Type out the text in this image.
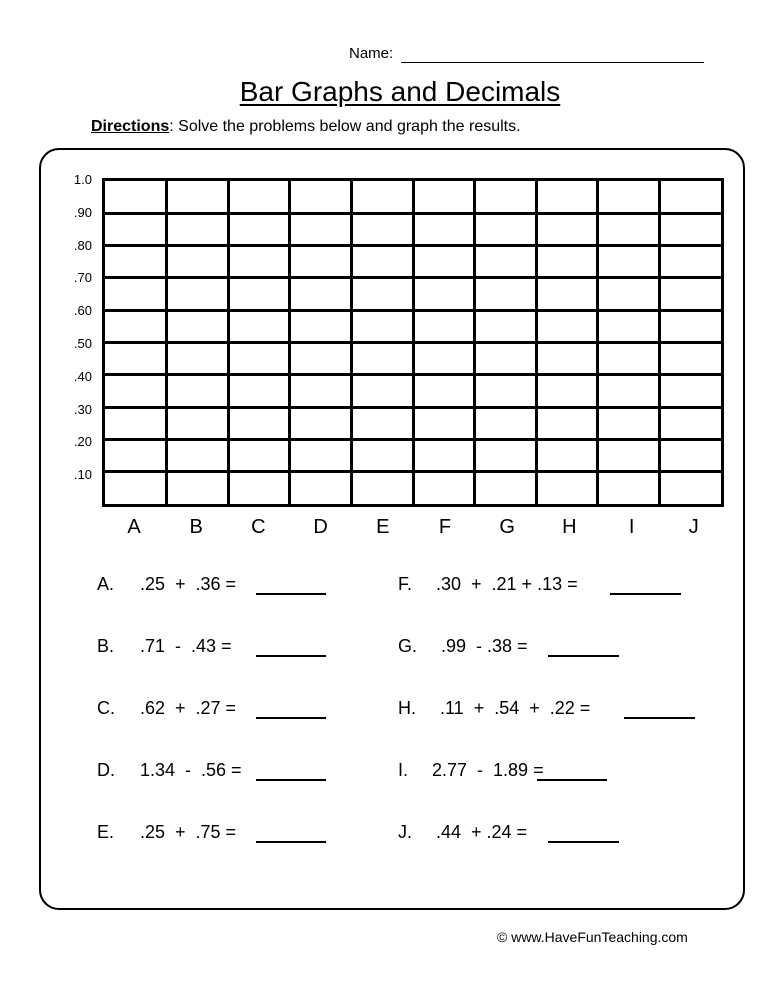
Name:
Bar Graphs and Decimals
Directions: Solve the problems below and graph the results.
1.0
.90
.80
.70
.60
.50
.40
.30
.20
.10
A	B	C	D	E	F	G	H	I	J
A. .25  +  .36 =
B. .71  -  .43 =
C. .62  +  .27 =
D. 1.34  -  .56 =
E. .25  +  .75 =
F. .30  +  .21 + .13 =
G. .99  - .38 =
H. .11  +  .54  +  .22 =
I. 2.77  -  1.89 =
J. .44  + .24 =
© www.HaveFunTeaching.com
